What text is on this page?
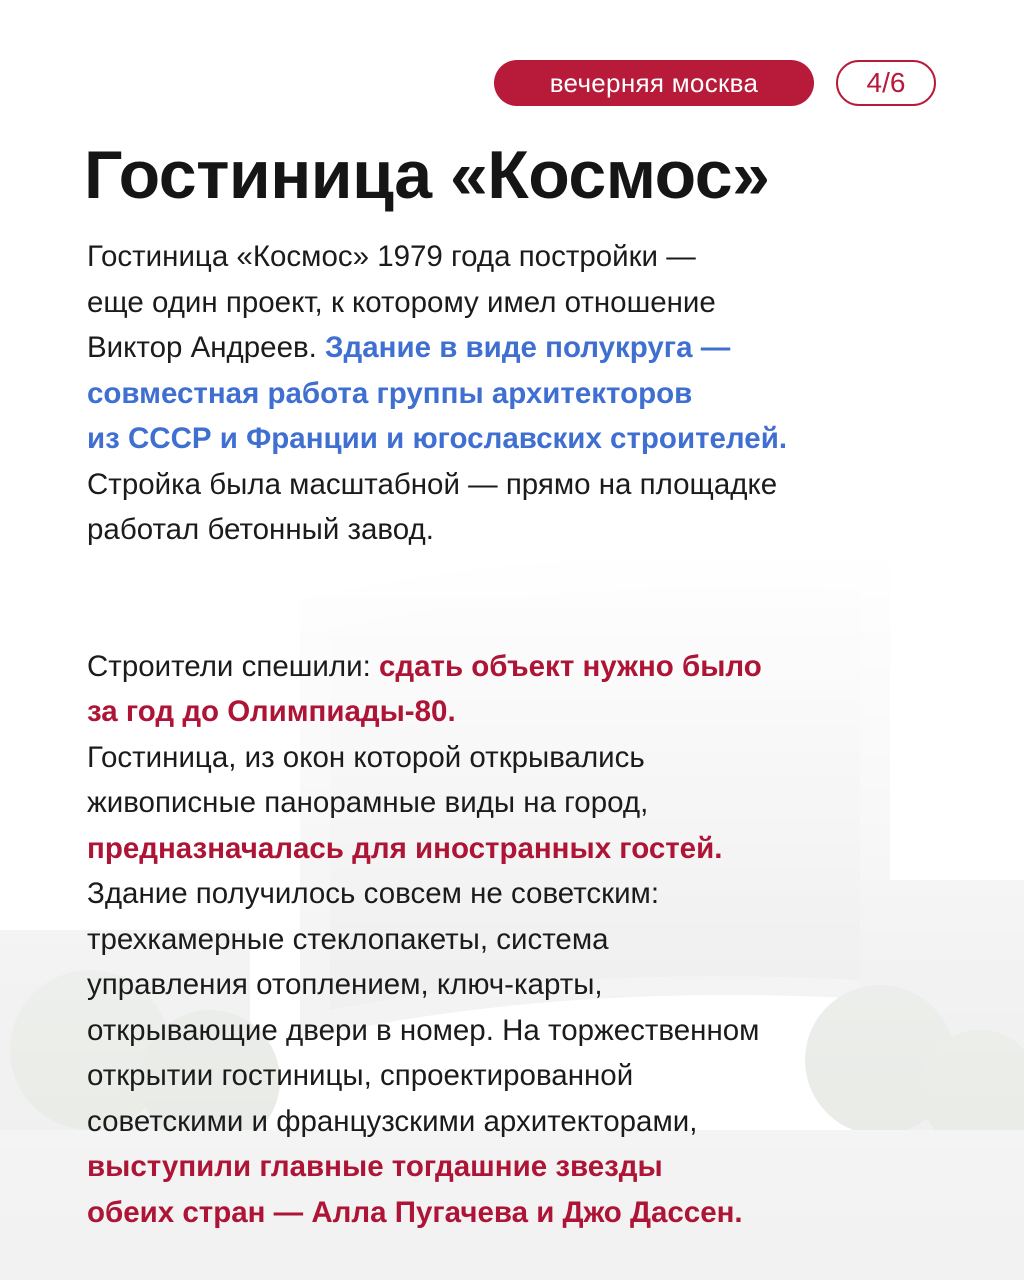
вечерняя москва	4/6
Гостиница «Космос»
Гостиница «Космос» 1979 года постройки —
еще один проект, к которому имел отношение
Виктор Андреев. Здание в виде полукруга —
совместная работа группы архитекторов
из СССР и Франции и югославских строителей.
Стройка была масштабной — прямо на площадке
работал бетонный завод.
Строители спешили: сдать объект нужно было
за год до Олимпиады-80.
Гостиница, из окон которой открывались
живописные панорамные виды на город,
предназначалась для иностранных гостей.
Здание получилось совсем не советским:
трехкамерные стеклопакеты, система
управления отоплением, ключ-карты,
открывающие двери в номер. На торжественном
открытии гостиницы, спроектированной
советскими и французскими архитекторами,
выступили главные тогдашние звезды
обеих стран — Алла Пугачева и Джо Дассен.
